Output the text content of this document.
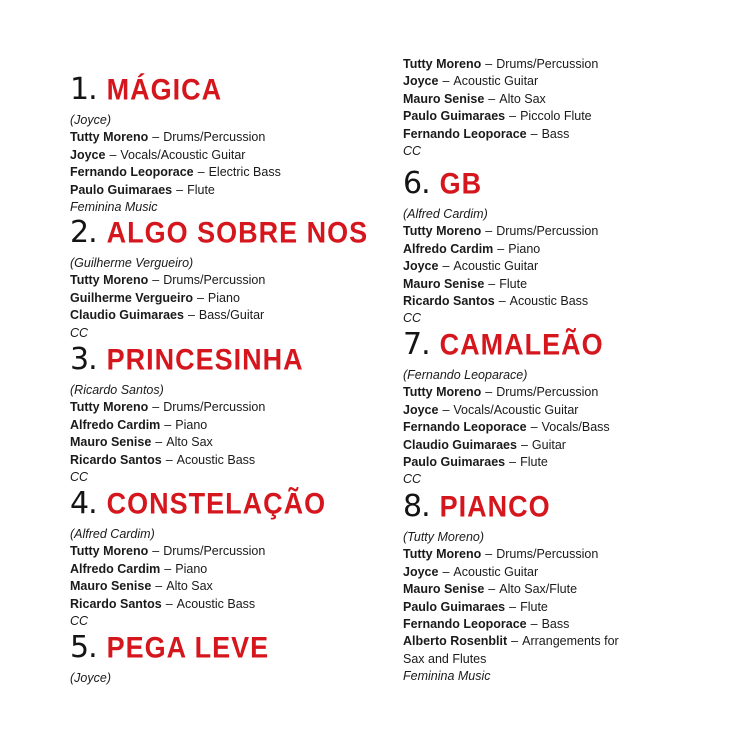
1. MÁGICA
(Joyce)
Tutty Moreno – Drums/Percussion
Joyce – Vocals/Acoustic Guitar
Fernando Leoporace – Electric Bass
Paulo Guimaraes – Flute
Feminina Music
2. ALGO SOBRE NOS
(Guilherme Vergueiro)
Tutty Moreno – Drums/Percussion
Guilherme Vergueiro – Piano
Claudio Guimaraes – Bass/Guitar
CC
3. PRINCESINHA
(Ricardo Santos)
Tutty Moreno – Drums/Percussion
Alfredo Cardim – Piano
Mauro Senise – Alto Sax
Ricardo Santos – Acoustic Bass
CC
4. CONSTELAÇÃO
(Alfred Cardim)
Tutty Moreno – Drums/Percussion
Alfredo Cardim – Piano
Mauro Senise – Alto Sax
Ricardo Santos – Acoustic Bass
CC
5. PEGA LEVE
(Joyce)
Tutty Moreno – Drums/Percussion
Joyce – Acoustic Guitar
Mauro Senise – Alto Sax
Paulo Guimaraes – Piccolo Flute
Fernando Leoporace – Bass
CC
6. GB
(Alfred Cardim)
Tutty Moreno – Drums/Percussion
Alfredo Cardim – Piano
Joyce – Acoustic Guitar
Mauro Senise – Flute
Ricardo Santos – Acoustic Bass
CC
7. CAMALEÃO
(Fernando Leoparace)
Tutty Moreno – Drums/Percussion
Joyce – Vocals/Acoustic Guitar
Fernando Leoporace – Vocals/Bass
Claudio Guimaraes – Guitar
Paulo Guimaraes – Flute
CC
8. PIANCO
(Tutty Moreno)
Tutty Moreno – Drums/Percussion
Joyce – Acoustic Guitar
Mauro Senise – Alto Sax/Flute
Paulo Guimaraes – Flute
Fernando Leoporace – Bass
Alberto Rosenblit – Arrangements for
Sax and Flutes
Feminina Music
